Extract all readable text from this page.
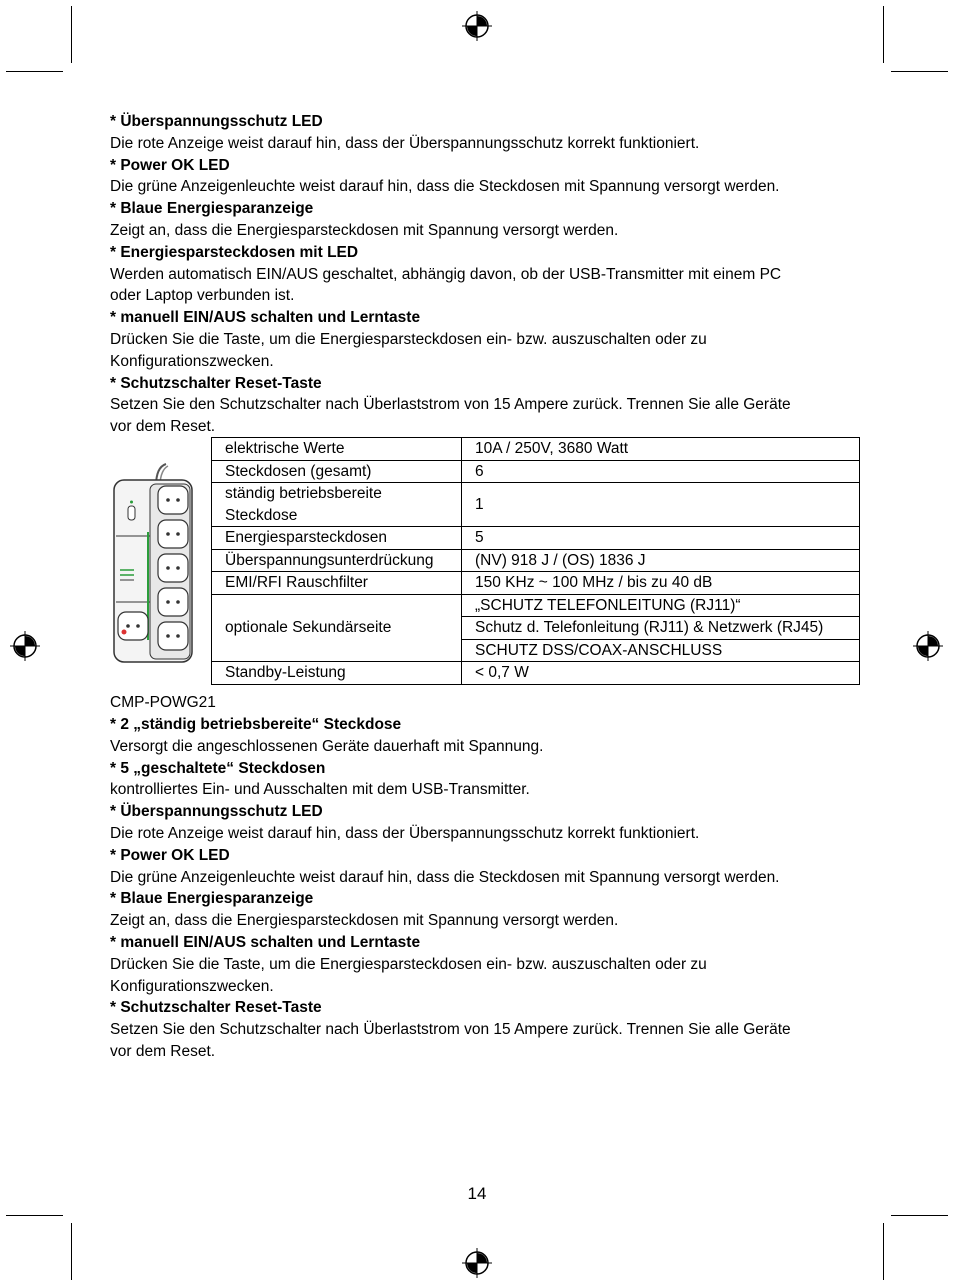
* Überspannungsschutz LED

Die rote Anzeige weist darauf hin, dass der Überspannungsschutz korrekt funktioniert.

* Power OK LED

Die grüne Anzeigenleuchte weist darauf hin, dass die Steckdosen mit Spannung versorgt werden.

* Blaue Energiesparanzeige

Zeigt an, dass die Energiesparsteckdosen mit Spannung versorgt werden.

* Energiesparsteckdosen mit LED

Werden automatisch EIN/AUS geschaltet, abhängig davon, ob der USB-Transmitter mit einem PC

oder Laptop verbunden ist.

* manuell EIN/AUS schalten und Lerntaste

Drücken Sie die Taste, um die Energiesparsteckdosen ein- bzw. auszuschalten oder zu

Konfigurationszwecken.

* Schutzschalter Reset-Taste

Setzen Sie den Schutzschalter nach Überlaststrom von 15 Ampere zurück. Trennen Sie alle Geräte

vor dem Reset.

elektrische Werte	10A / 250V, 3680 Watt
Steckdosen (gesamt)	6
ständig betriebsbereite
Steckdose	1
Energiesparsteckdosen	5
Überspannungsunterdrückung	(NV) 918 J / (OS) 1836 J
EMI/RFI Rauschfilter	150 KHz ~ 100 MHz / bis zu 40 dB
optionale Sekundärseite	„SCHUTZ TELEFONLEITUNG (RJ11)“
	Schutz d. Telefonleitung (RJ11) & Netzwerk (RJ45)
	SCHUTZ DSS/COAX-ANSCHLUSS
Standby-Leistung	< 0,7 W
CMP-POWG21

* 2 „ständig betriebsbereite“ Steckdose

Versorgt die angeschlossenen Geräte dauerhaft mit Spannung.

* 5 „geschaltete“ Steckdosen

kontrolliertes Ein- und Ausschalten mit dem USB-Transmitter.

* Überspannungsschutz LED

Die rote Anzeige weist darauf hin, dass der Überspannungsschutz korrekt funktioniert.

* Power OK LED

Die grüne Anzeigenleuchte weist darauf hin, dass die Steckdosen mit Spannung versorgt werden.

* Blaue Energiesparanzeige

Zeigt an, dass die Energiesparsteckdosen mit Spannung versorgt werden.

* manuell EIN/AUS schalten und Lerntaste

Drücken Sie die Taste, um die Energiesparsteckdosen ein- bzw. auszuschalten oder zu

Konfigurationszwecken.

* Schutzschalter Reset-Taste

Setzen Sie den Schutzschalter nach Überlaststrom von 15 Ampere zurück. Trennen Sie alle Geräte

vor dem Reset.

14
